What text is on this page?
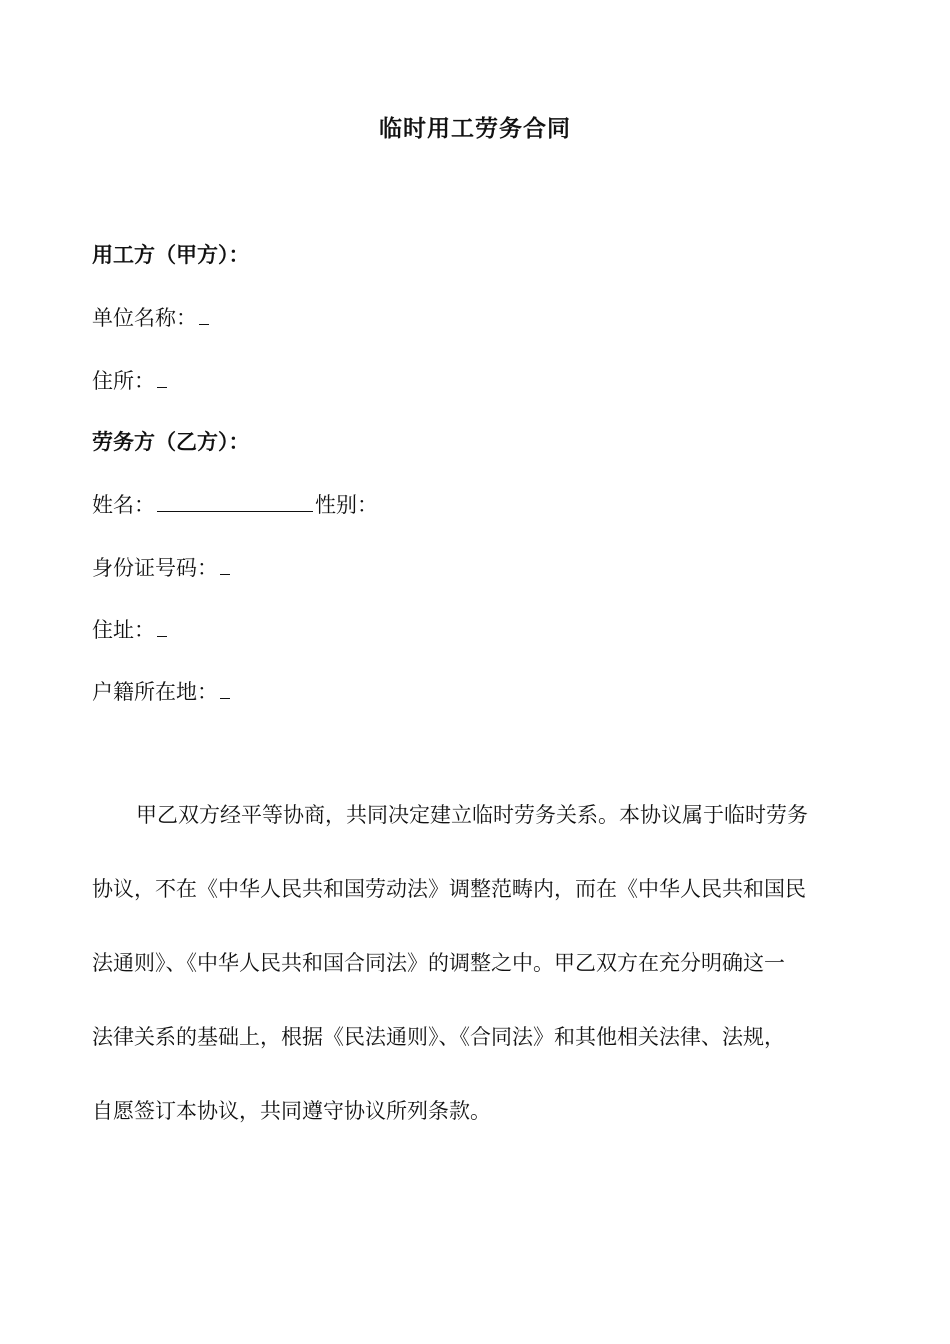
临时用工劳务合同

用工方（甲方）：

单位名称：

住所：

劳务方（乙方）：

姓名：	性别：

身份证号码：

住址：

户籍所在地：

甲乙双方经平等协商，共同决定建立临时劳务关系。本协议属于临时劳务
协议，不在《中华人民共和国劳动法》调整范畴内，而在《中华人民共和国民
法通则》、《中华人民共和国合同法》的调整之中。甲乙双方在充分明确这一
法律关系的基础上，根据《民法通则》、《合同法》和其他相关法律、法规，
自愿签订本协议，共同遵守协议所列条款。
